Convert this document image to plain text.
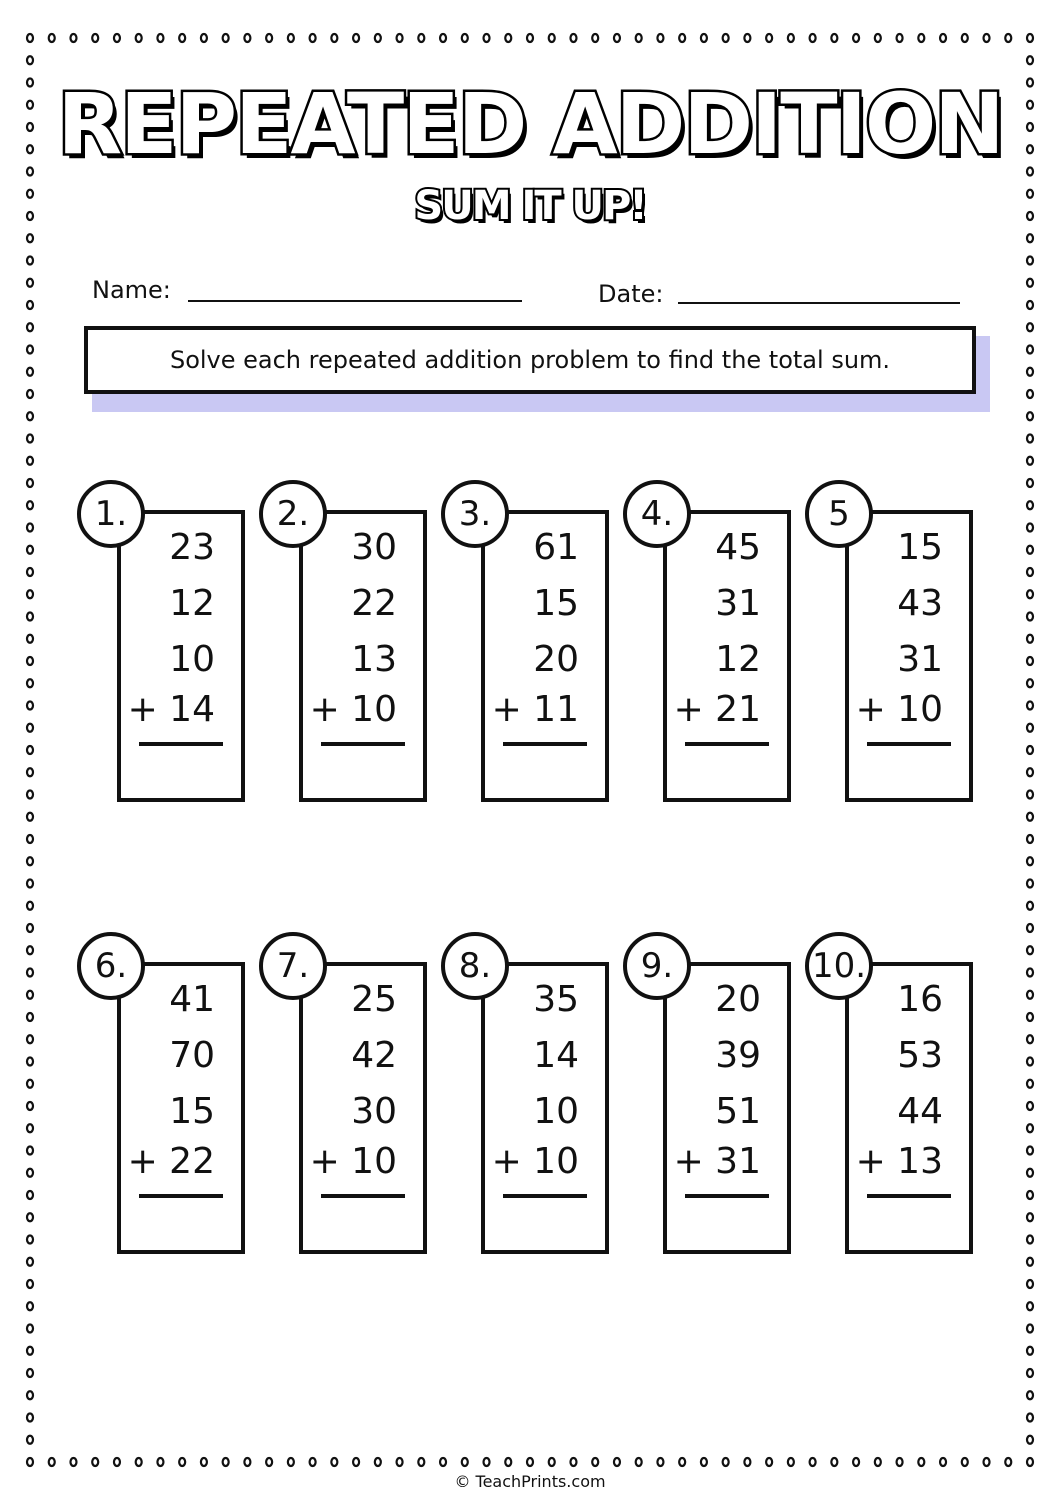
REPEATED ADDITION
SUM IT UP!
Name:	Date:
Solve each repeated addition problem to find the total sum.
1.
23
12
10
+ 14
2.
30
22
13
+ 10
3.
61
15
20
+ 11
4.
45
31
12
+ 21
5
15
43
31
+ 10
6.
41
70
15
+ 22
7.
25
42
30
+ 10
8.
35
14
10
+ 10
9.
20
39
51
+ 31
10.
16
53
44
+ 13
© TeachPrints.com
